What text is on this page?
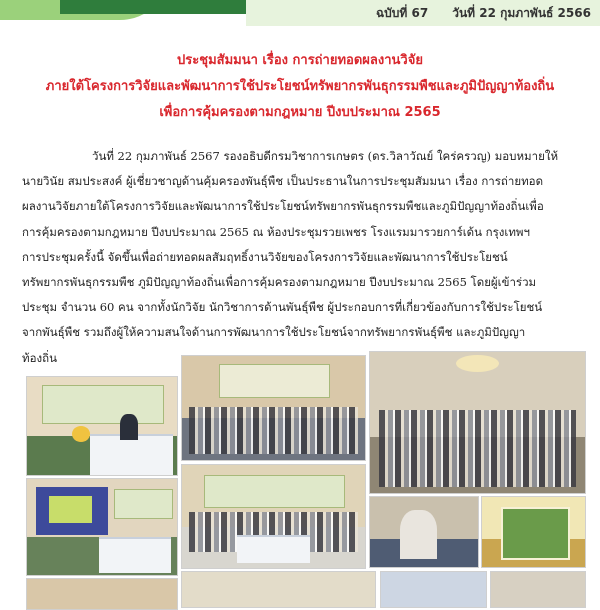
ฉบับที่ 67 วันที่ 22 กุมภาพันธ์ 2566
ประชุมสัมมนา เรื่อง การถ่ายทอดผลงานวิจัย
ภายใต้โครงการวิจัยและพัฒนาการใช้ประโยชน์ทรัพยากรพันธุกรรมพืชและภูมิปัญญาท้องถิ่น
เพื่อการคุ้มครองตามกฎหมาย ปีงบประมาณ 2565
วันที่ 22 กุมภาพันธ์ 2567 รองอธิบดีกรมวิชาการเกษตร (ดร.วิลาวัณย์ ใคร่ครวญ) มอบหมายให้
นายวินัย สมประสงค์ ผู้เชี่ยวชาญด้านคุ้มครองพันธุ์พืช เป็นประธานในการประชุมสัมมนา เรื่อง การถ่ายทอด
ผลงานวิจัยภายใต้โครงการวิจัยและพัฒนาการใช้ประโยชน์ทรัพยากรพันธุกรรมพืชและภูมิปัญญาท้องถิ่นเพื่อ
การคุ้มครองตามกฎหมาย ปีงบประมาณ 2565 ณ ห้องประชุมรวยเพชร โรงแรมมารวยการ์เด้น กรุงเทพฯ
การประชุมครั้งนี้ จัดขึ้นเพื่อถ่ายทอดผลสัมฤทธิ์งานวิจัยของโครงการวิจัยและพัฒนาการใช้ประโยชน์
ทรัพยากรพันธุกรรมพืช ภูมิปัญญาท้องถิ่นเพื่อการคุ้มครองตามกฎหมาย ปีงบประมาณ 2565 โดยผู้เข้าร่วม
ประชุม จำนวน 60 คน จากทั้งนักวิจัย นักวิชาการด้านพันธุ์พืช ผู้ประกอบการที่เกี่ยวข้องกับการใช้ประโยชน์
จากพันธุ์พืช รวมถึงผู้ให้ความสนใจด้านการพัฒนาการใช้ประโยชน์จากทรัพยากรพันธุ์พืช และภูมิปัญญา
ท้องถิ่น
